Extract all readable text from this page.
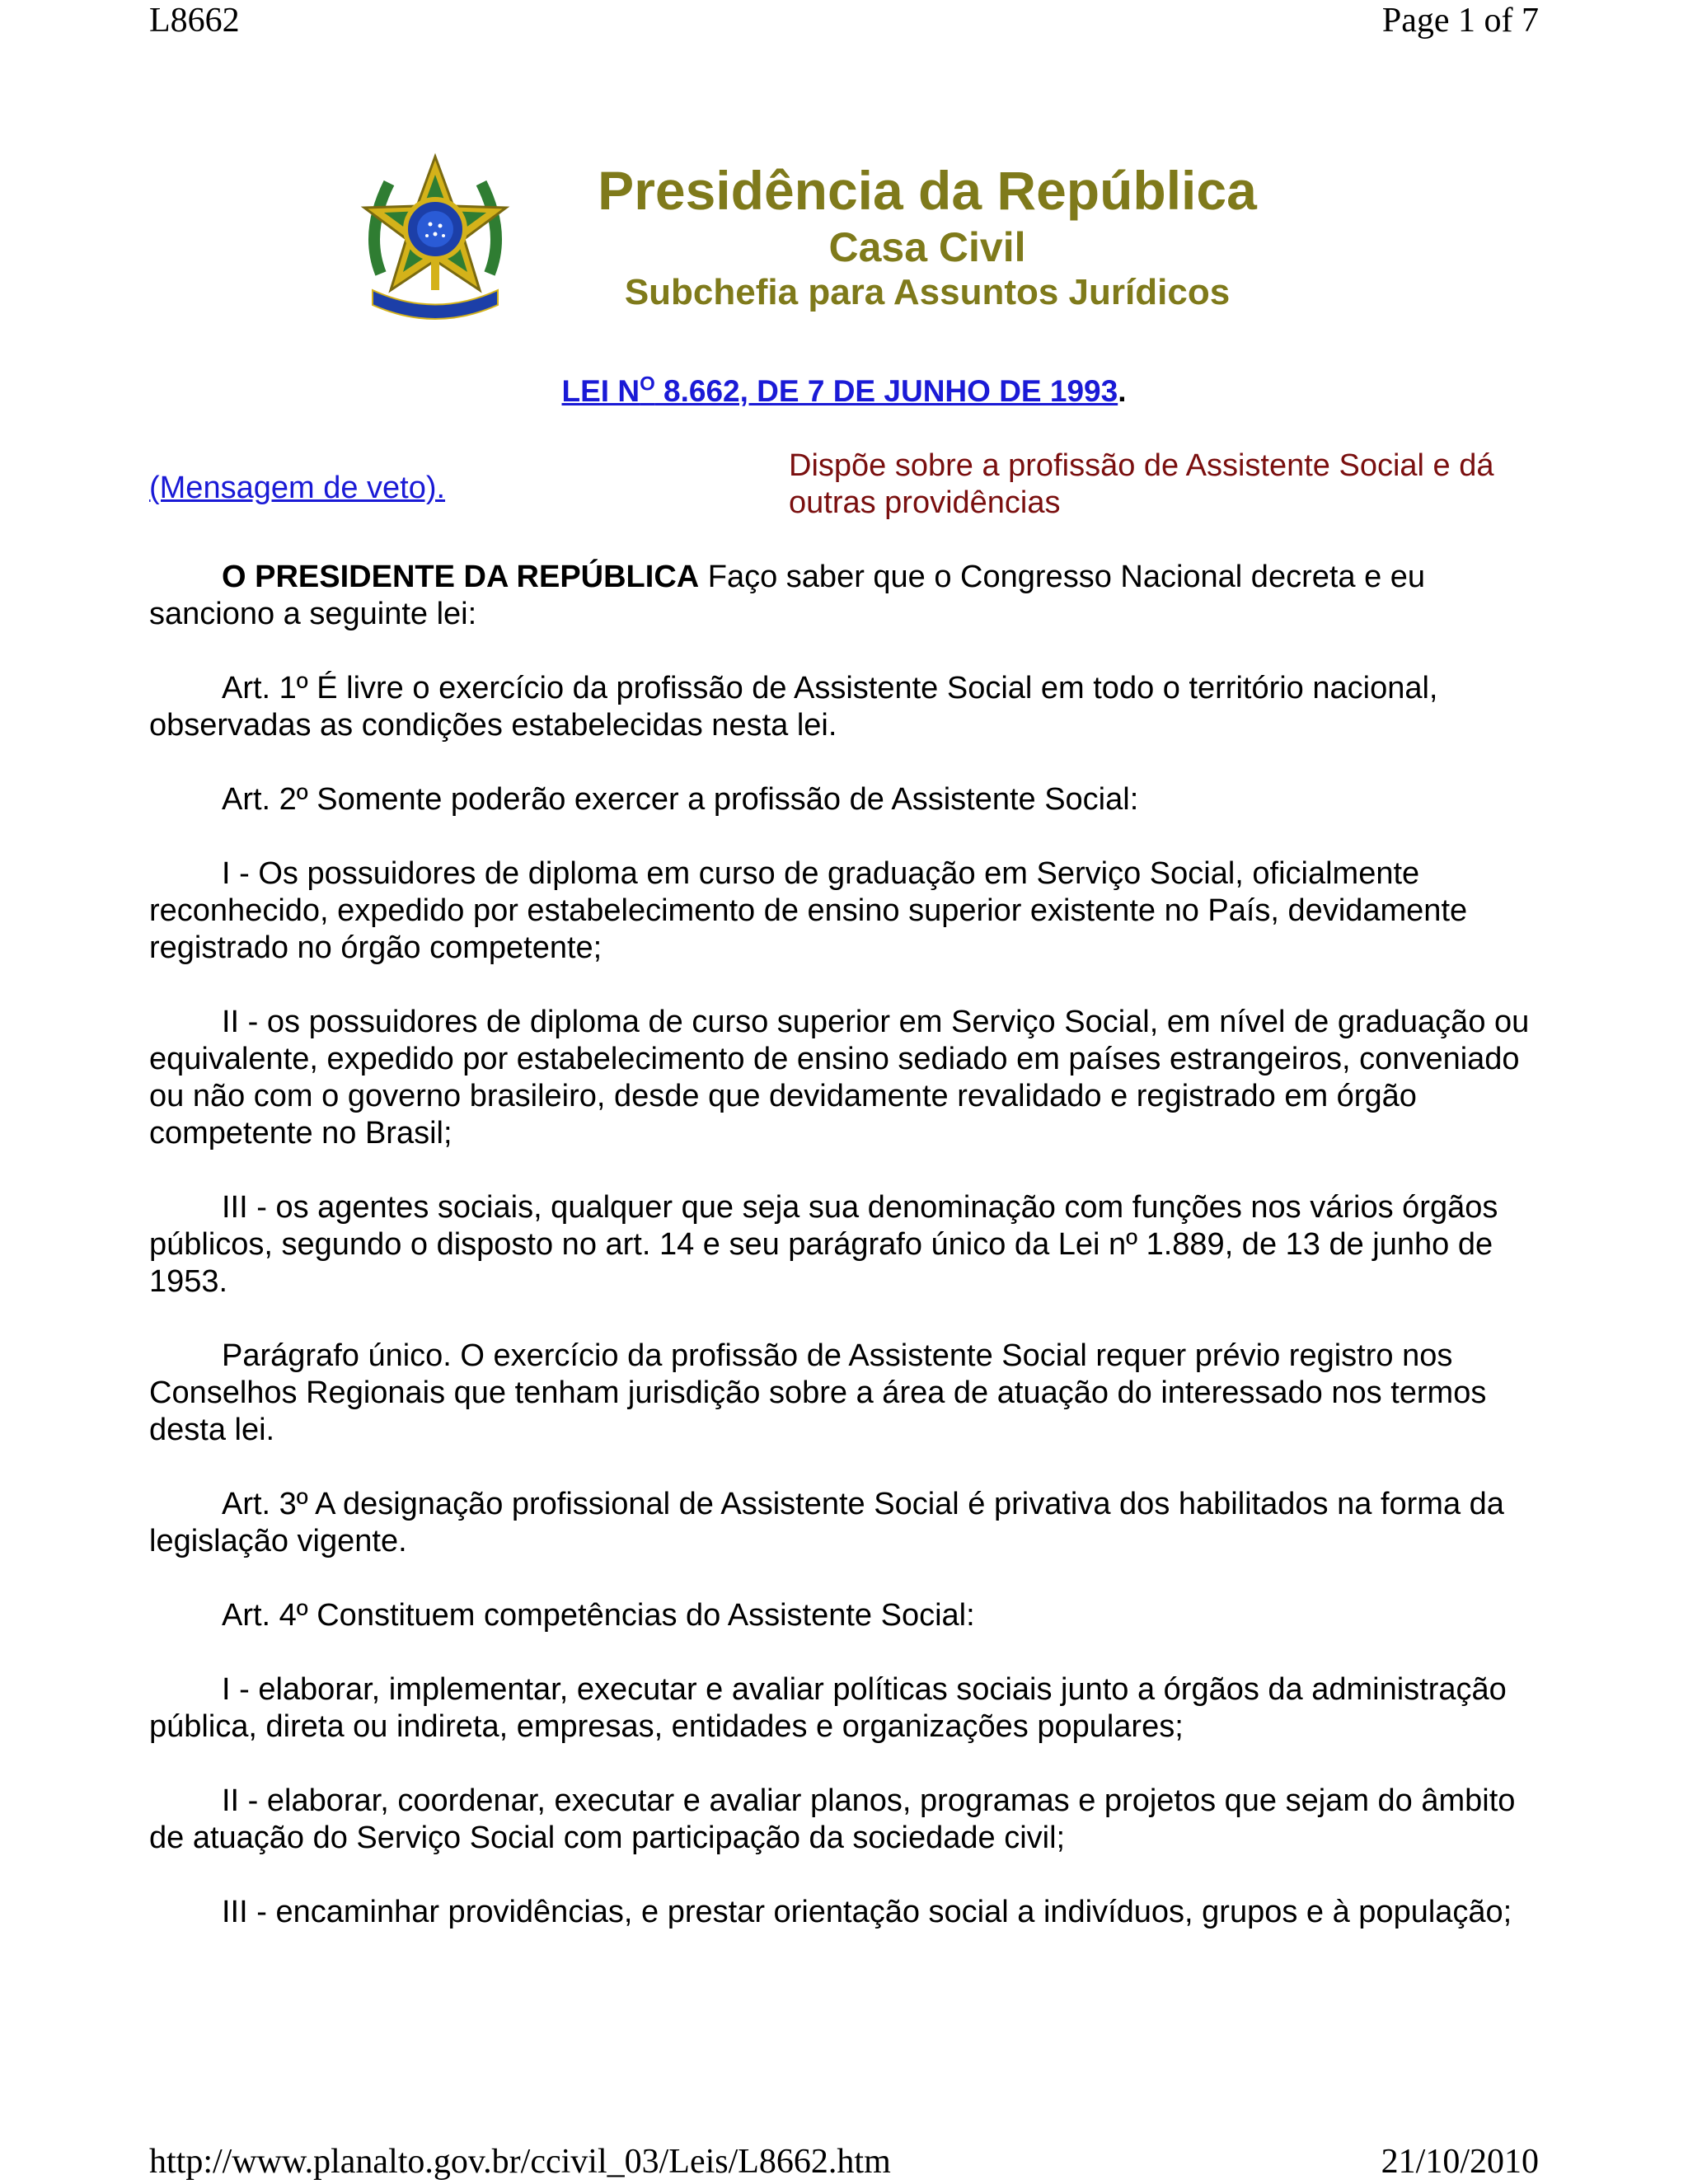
L8662	Page 1 of 7
Presidência da República
Casa Civil
Subchefia para Assuntos Jurídicos
LEI $N^O$ 8.662, DE 7 DE JUNHO DE 1993.
(Mensagem de veto).
Dispõe sobre a profissão de Assistente Social e dá outras providências

O PRESIDENTE DA REPÚBLICA Faço saber que o Congresso Nacional decreta e eu sanciono a seguinte lei:

Art. 1º É livre o exercício da profissão de Assistente Social em todo o território nacional, observadas as condições estabelecidas nesta lei.

Art. 2º Somente poderão exercer a profissão de Assistente Social:

I - Os possuidores de diploma em curso de graduação em Serviço Social, oficialmente reconhecido, expedido por estabelecimento de ensino superior existente no País, devidamente registrado no órgão competente;

II - os possuidores de diploma de curso superior em Serviço Social, em nível de graduação ou equivalente, expedido por estabelecimento de ensino sediado em países estrangeiros, conveniado ou não com o governo brasileiro, desde que devidamente revalidado e registrado em órgão competente no Brasil;

III - os agentes sociais, qualquer que seja sua denominação com funções nos vários órgãos públicos, segundo o disposto no art. 14 e seu parágrafo único da Lei nº 1.889, de 13 de junho de 1953.

Parágrafo único. O exercício da profissão de Assistente Social requer prévio registro nos Conselhos Regionais que tenham jurisdição sobre a área de atuação do interessado nos termos desta lei.

Art. 3º A designação profissional de Assistente Social é privativa dos habilitados na forma da legislação vigente.

Art. 4º Constituem competências do Assistente Social:

I - elaborar, implementar, executar e avaliar políticas sociais junto a órgãos da administração pública, direta ou indireta, empresas, entidades e organizações populares;

II - elaborar, coordenar, executar e avaliar planos, programas e projetos que sejam do âmbito de atuação do Serviço Social com participação da sociedade civil;

III - encaminhar providências, e prestar orientação social a indivíduos, grupos e à população;

http://www.planalto.gov.br/ccivil_03/Leis/L8662.htm	21/10/2010
